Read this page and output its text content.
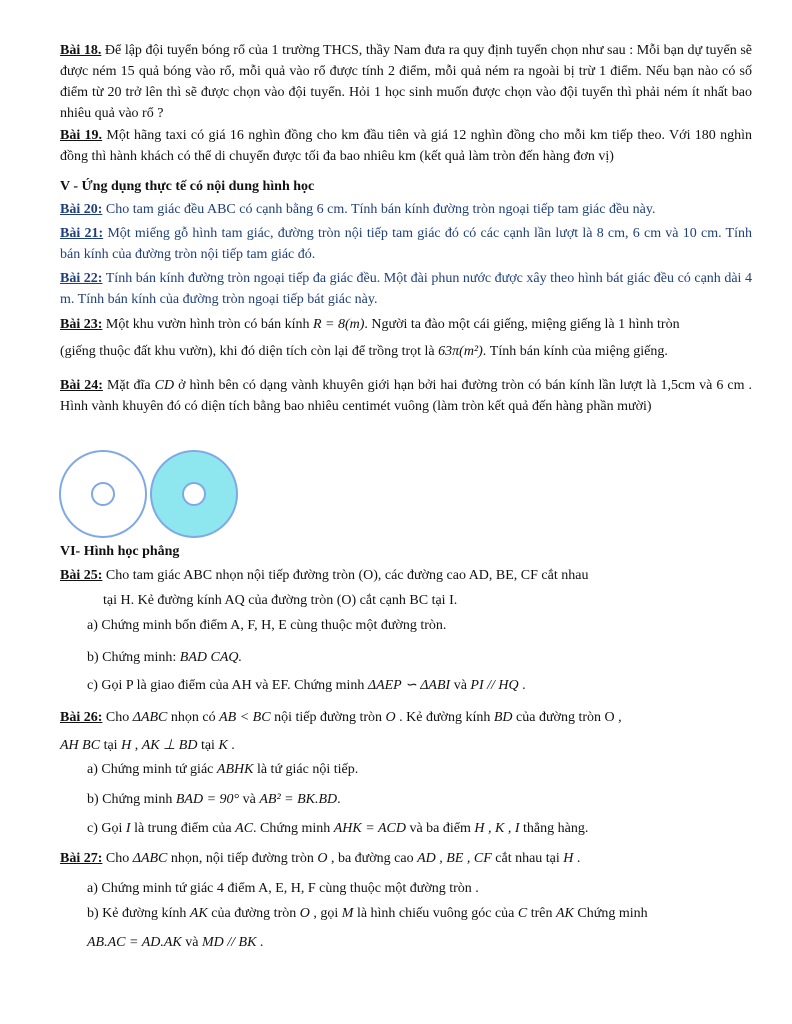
Bài 18. Để lập đội tuyển bóng rổ của 1 trường THCS, thầy Nam đưa ra quy định tuyển chọn như sau : Mỗi bạn dự tuyển sẽ được ném 15 quả bóng vào rổ, mỗi quả vào rổ được tính 2 điểm, mỗi quả ném ra ngoài bị trừ 1 điểm. Nếu bạn nào có số điểm từ 20 trở lên thì sẽ được chọn vào đội tuyển. Hỏi 1 học sinh muốn được chọn vào đội tuyển thì phải ném ít nhất bao nhiêu quả vào rổ ?
Bài 19. Một hãng taxi có giá 16 nghìn đồng cho km đầu tiên và giá 12 nghìn đồng cho mỗi km tiếp theo. Với 180 nghìn đồng thì hành khách có thể di chuyển được tối đa bao nhiêu km (kết quả làm tròn đến hàng đơn vị)
V - Ứng dụng thực tế có nội dung hình học
Bài 20: Cho tam giác đều ABC có cạnh bằng 6 cm. Tính bán kính đường tròn ngoại tiếp tam giác đều này.
Bài 21: Một miếng gỗ hình tam giác, đường tròn nội tiếp tam giác đó có các cạnh lần lượt là 8 cm, 6 cm và 10 cm. Tính bán kính của đường tròn nội tiếp tam giác đó.
Bài 22: Tính bán kính đường tròn ngoại tiếp đa giác đều. Một đài phun nước được xây theo hình bát giác đều có cạnh dài 4 m. Tính bán kính của đường tròn ngoại tiếp bát giác này.
Bài 23: Một khu vườn hình tròn có bán kính R = 8(m). Người ta đào một cái giếng, miệng giếng là 1 hình tròn
(giếng thuộc đất khu vườn), khi đó diện tích còn lại để trồng trọt là 63π(m²). Tính bán kính của miệng giếng.
Bài 24: Mặt đĩa CD ở hình bên có dạng vành khuyên giới hạn bởi hai đường tròn có bán kính lần lượt là 1,5cm và 6 cm . Hình vành khuyên đó có diện tích bằng bao nhiêu centimét vuông (làm tròn kết quả đến hàng phần mười)
VI- Hình học phẳng
Bài 25: Cho tam giác ABC nhọn nội tiếp đường tròn (O), các đường cao AD, BE, CF cắt nhau
tại H. Kẻ đường kính AQ của đường tròn (O) cắt cạnh BC tại I.
a) Chứng minh bốn điểm A, F, H, E cùng thuộc một đường tròn.
b) Chứng minh: BAD CAQ.
c) Gọi P là giao điểm của AH và EF. Chứng minh ΔAEP ∽ ΔABI và PI // HQ .
Bài 26: Cho ΔABC nhọn có AB < BC nội tiếp đường tròn O . Kẻ đường kính BD của đường tròn O ,
AH BC tại H , AK ⊥ BD tại K .
a) Chứng minh tứ giác ABHK là tứ giác nội tiếp.
b) Chứng minh BAD = 90° và AB² = BK.BD.
c) Gọi I là trung điểm của AC. Chứng minh AHK = ACD và ba điểm H , K , I thẳng hàng.
Bài 27: Cho ΔABC nhọn, nội tiếp đường tròn O , ba đường cao AD , BE , CF cắt nhau tại H .
a) Chứng minh tứ giác 4 điểm A, E, H, F cùng thuộc một đường tròn .
b) Kẻ đường kính AK của đường tròn O , gọi M là hình chiếu vuông góc của C trên AK Chứng minh
AB.AC = AD.AK và MD // BK .
